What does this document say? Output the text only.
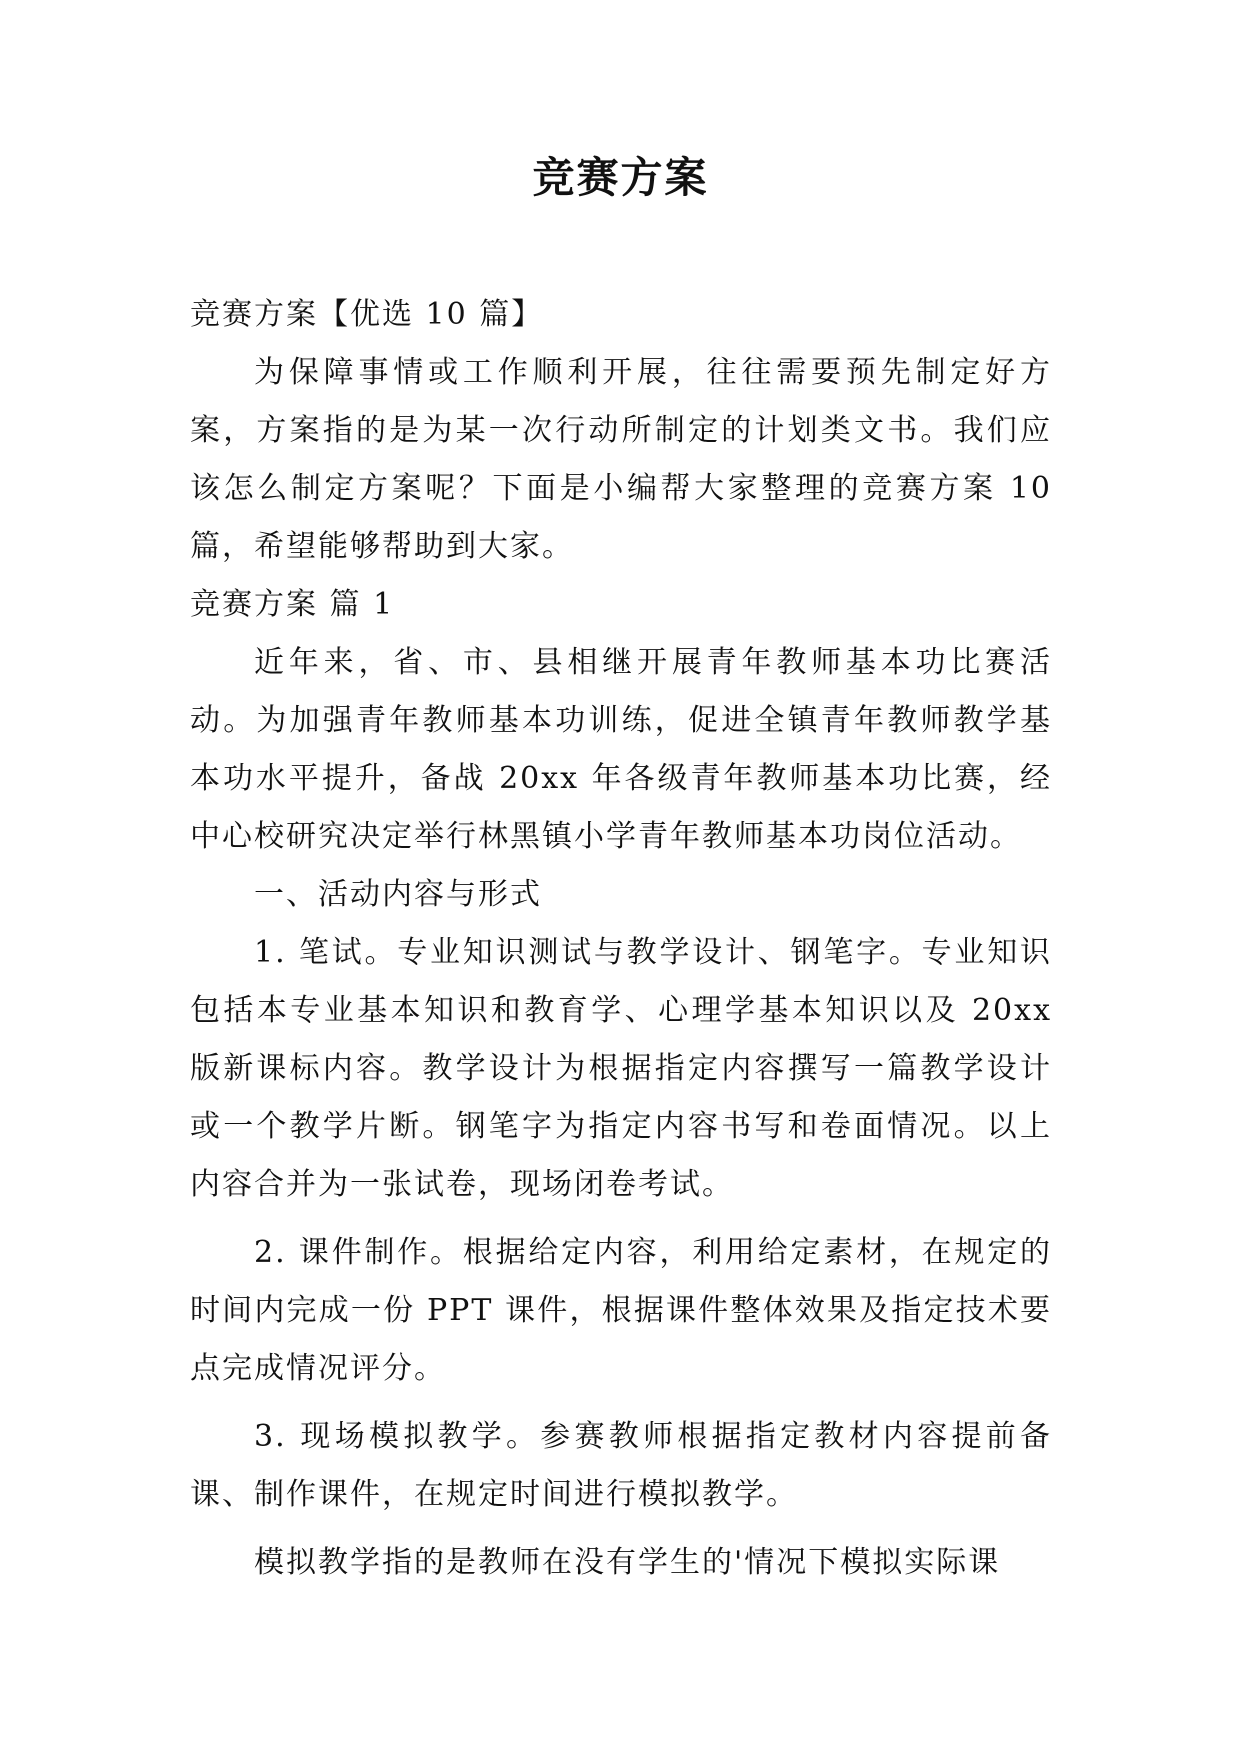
竞赛方案

竞赛方案【优选 10 篇】

为保障事情或工作顺利开展，往往需要预先制定好方案，方案指的是为某一次行动所制定的计划类文书。我们应该怎么制定方案呢？下面是小编帮大家整理的竞赛方案 10 篇，希望能够帮助到大家。

竞赛方案 篇 1

近年来，省、市、县相继开展青年教师基本功比赛活动。为加强青年教师基本功训练，促进全镇青年教师教学基本功水平提升，备战 20xx 年各级青年教师基本功比赛，经中心校研究决定举行林黑镇小学青年教师基本功岗位活动。

一、活动内容与形式

1. 笔试。专业知识测试与教学设计、钢笔字。专业知识包括本专业基本知识和教育学、心理学基本知识以及 20xx 版新课标内容。教学设计为根据指定内容撰写一篇教学设计或一个教学片断。钢笔字为指定内容书写和卷面情况。以上内容合并为一张试卷，现场闭卷考试。

2. 课件制作。根据给定内容，利用给定素材，在规定的时间内完成一份 PPT 课件，根据课件整体效果及指定技术要点完成情况评分。

3. 现场模拟教学。参赛教师根据指定教材内容提前备课、制作课件，在规定时间进行模拟教学。

模拟教学指的是教师在没有学生的'情况下模拟实际课
